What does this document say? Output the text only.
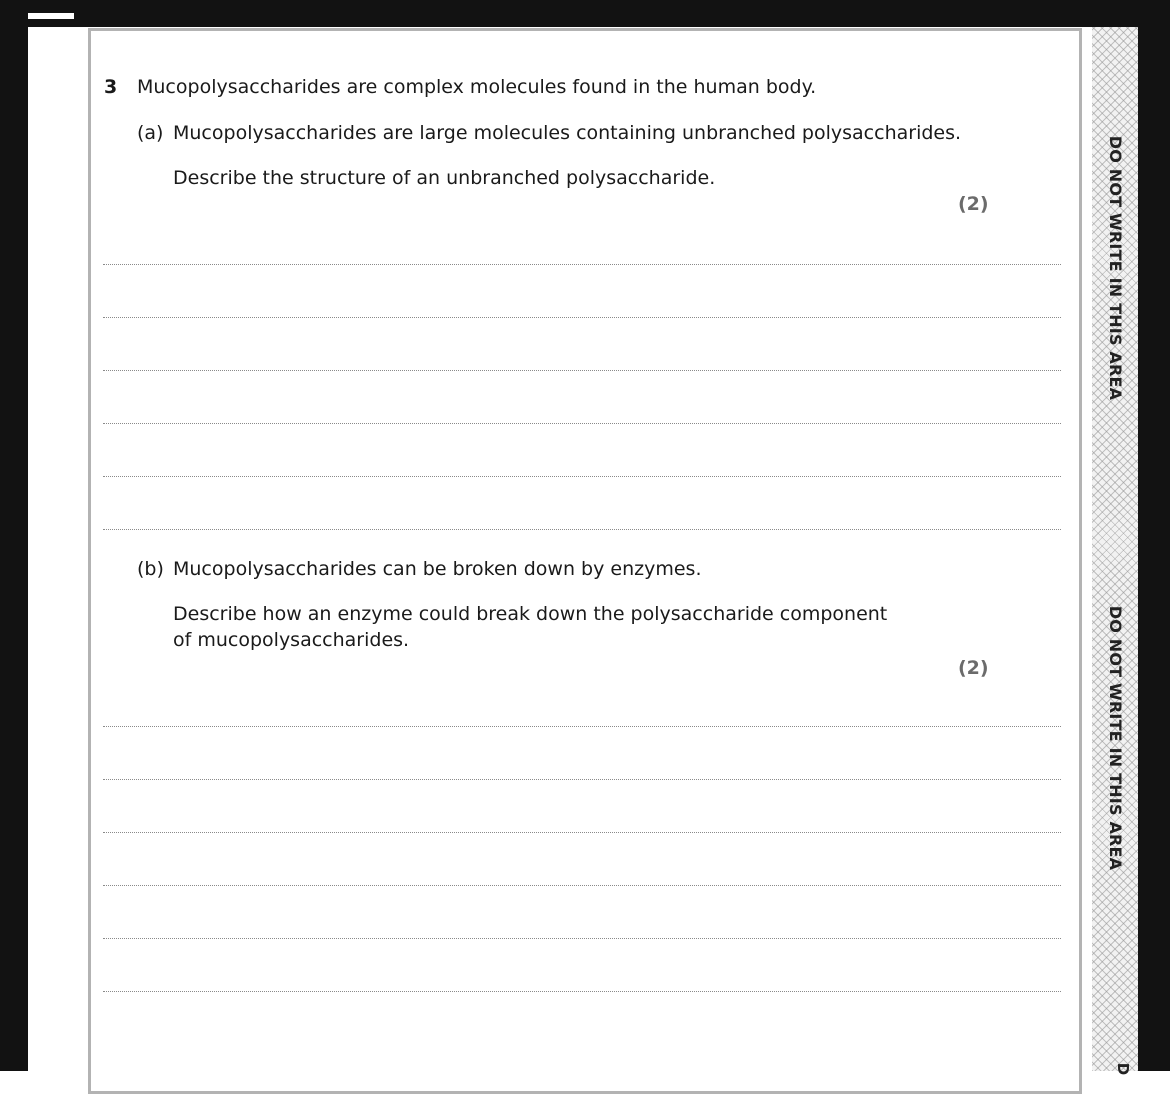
DO NOT WRITE IN THIS AREA
DO NOT WRITE IN THIS AREA
D
3 Mucopolysaccharides are complex molecules found in the human body.
(a) Mucopolysaccharides are large molecules containing unbranched polysaccharides.
Describe the structure of an unbranched polysaccharide.
(2)
(b) Mucopolysaccharides can be broken down by enzymes.
Describe how an enzyme could break down the polysaccharide component
of mucopolysaccharides.
(2)
